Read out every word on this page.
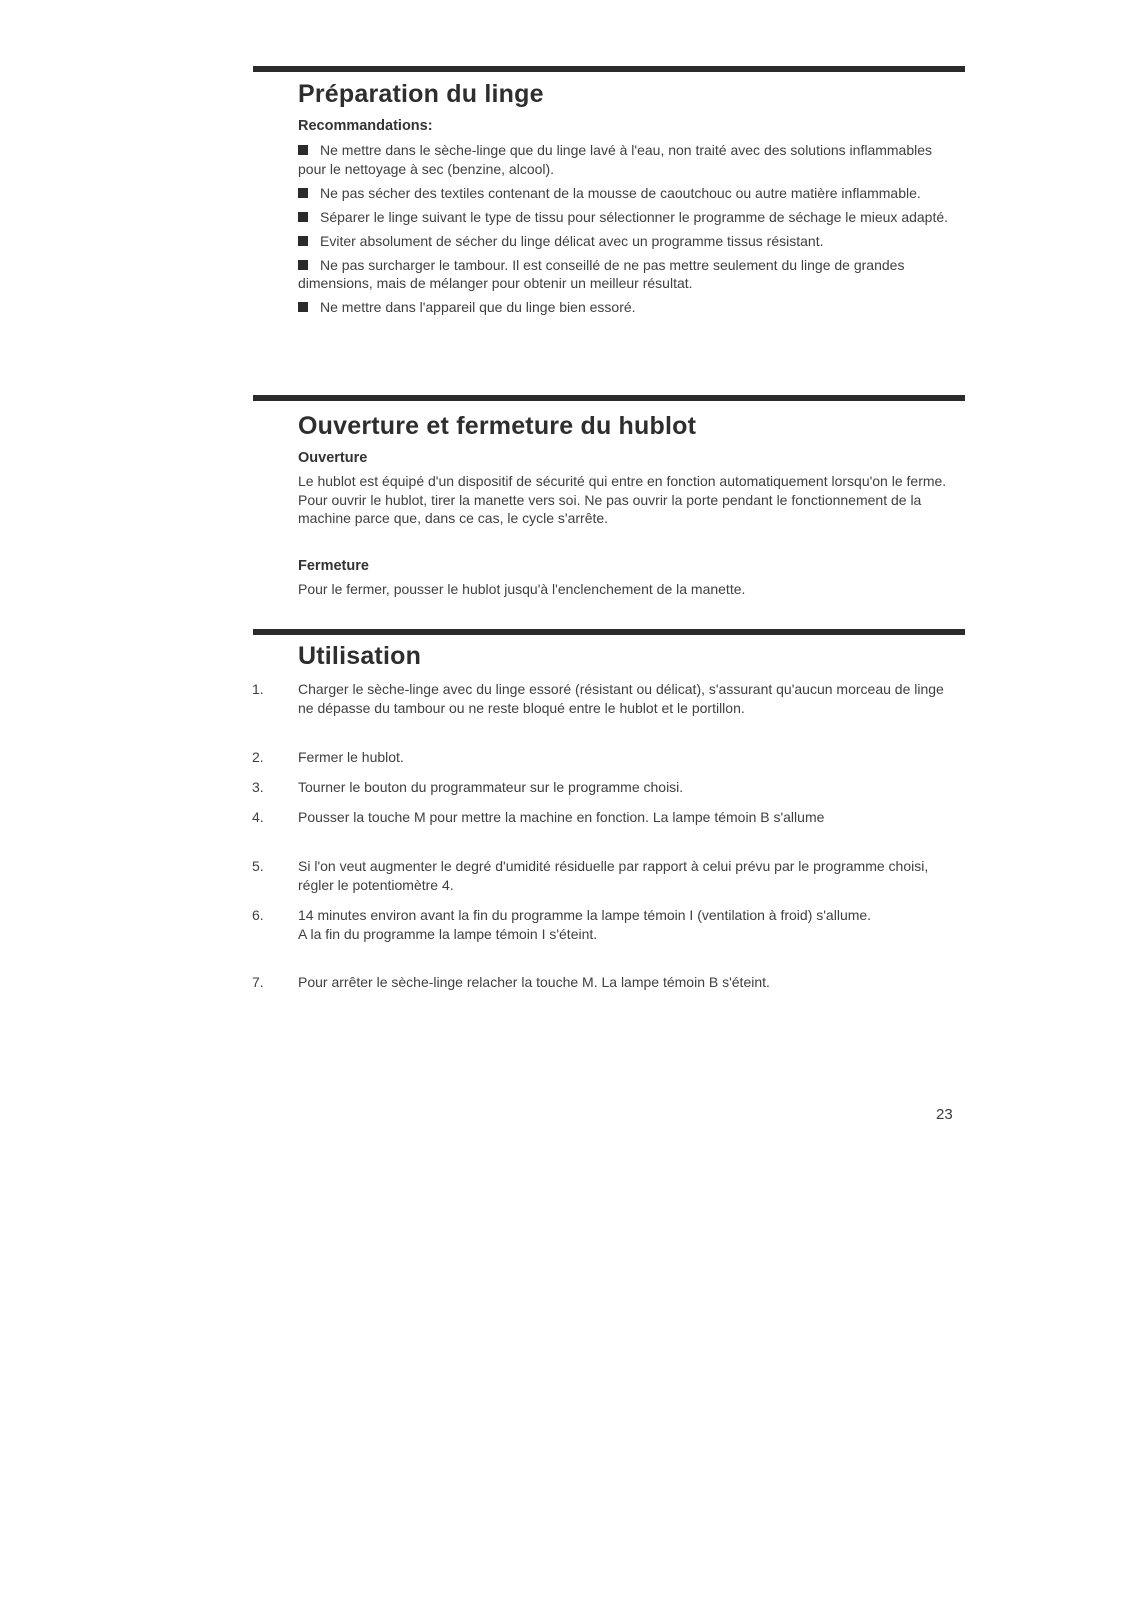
Préparation du linge
Recommandations:
Ne mettre dans le sèche-linge que du linge lavé à l'eau, non traité avec des solutions inflammables pour le nettoyage à sec (benzine, alcool).
Ne pas sécher des textiles contenant de la mousse de caoutchouc ou autre matière inflammable.
Séparer le linge suivant le type de tissu pour sélectionner le programme de séchage le mieux adapté.
Eviter absolument de sécher du linge délicat avec un programme tissus résistant.
Ne pas surcharger le tambour. Il est conseillé de ne pas mettre seulement du linge de grandes dimensions, mais de mélanger pour obtenir un meilleur résultat.
Ne mettre dans l'appareil que du linge bien essoré.
Ouverture et fermeture du hublot
Ouverture

Le hublot est équipé d'un dispositif de sécurité qui entre en fonction automatiquement lorsqu'on le ferme. Pour ouvrir le hublot, tirer la manette vers soi. Ne pas ouvrir la porte pendant le fonctionnement de la machine parce que, dans ce cas, le cycle s'arrête.

Fermeture

Pour le fermer, pousser le hublot jusqu'à l'enclenchement de la manette.

Utilisation
1.	Charger le sèche-linge avec du linge essoré (résistant ou délicat), s'assurant qu'aucun morceau de linge ne dépasse du tambour ou ne reste bloqué entre le hublot et le portillon.
2.	Fermer le hublot.
3.	Tourner le bouton du programmateur sur le programme choisi.
4.	Pousser la touche M pour mettre la machine en fonction. La lampe témoin B s'allume
5.	Si l'on veut augmenter le degré d'umidité résiduelle par rapport à celui prévu par le programme choisi, régler le potentiomètre 4.
6.	14 minutes environ avant la fin du programme la lampe témoin I (ventilation à froid) s'allume.
A la fin du programme la lampe témoin I s'éteint.
7.	Pour arrêter le sèche-linge relacher la touche M. La lampe témoin B s'éteint.
23
